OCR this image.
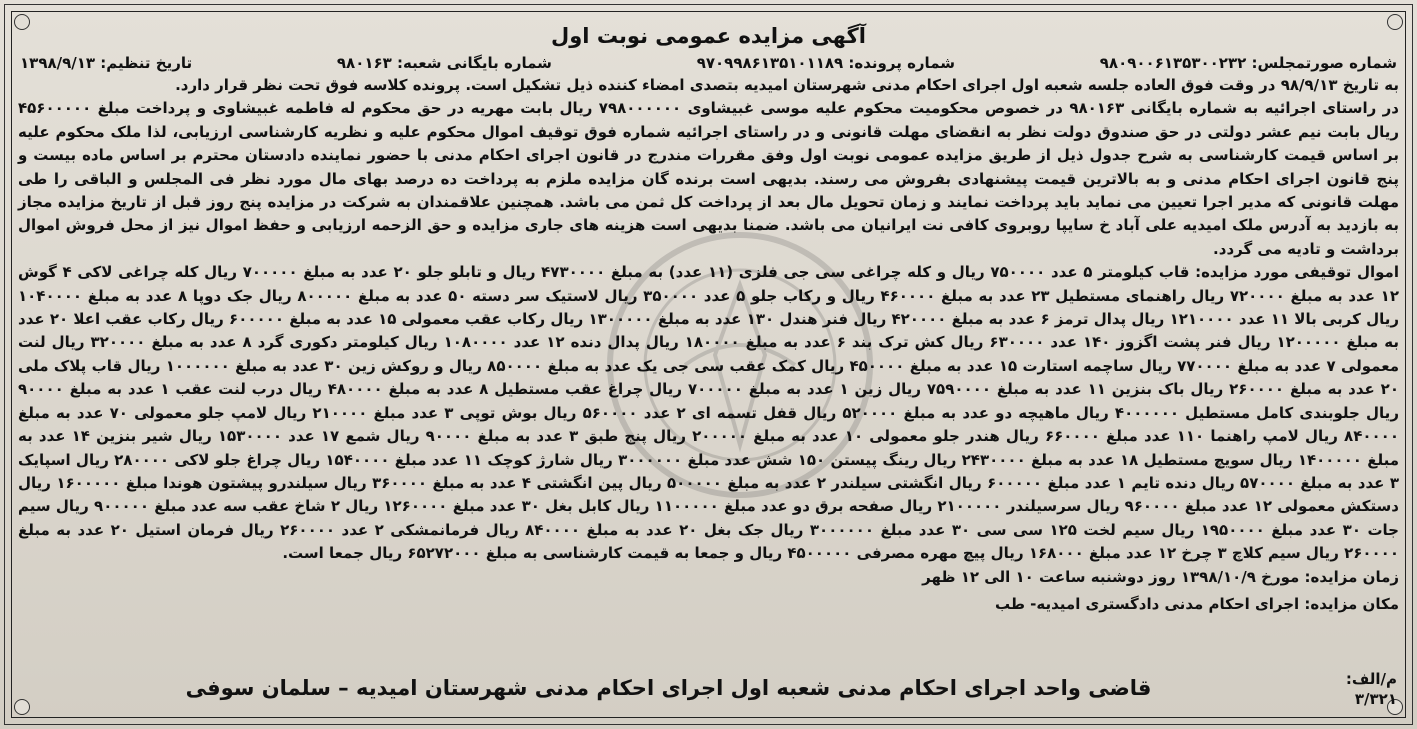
آگهی مزایده عمومی نوبت اول
شماره صورتمجلس: ۹۸۰۹۰۰۶۱۳۵۳۰۰۲۳۲
شماره پرونده: ۹۷۰۹۹۸۶۱۳۵۱۰۱۱۸۹
شماره بایگانی شعبه: ۹۸۰۱۶۳
تاریخ تنظیم: ۱۳۹۸/۹/۱۳

به تاریخ ۹۸/۹/۱۳ در وقت فوق العاده جلسه شعبه اول اجرای احکام مدنی شهرستان امیدیه بتصدی امضاء کننده ذیل تشکیل است. پرونده کلاسه فوق تحت نظر قرار دارد.

در راستای اجرائیه به شماره بایگانی ۹۸۰۱۶۳ در خصوص محکومیت محکوم علیه موسی غبیشاوی ۷۹۸۰۰۰۰۰۰ ریال بابت مهریه در حق محکوم له فاطمه غبیشاوی و پرداخت مبلغ ۴۵۶۰۰۰۰۰ ریال بابت نیم عشر دولتی در حق صندوق دولت نظر به انقضای مهلت قانونی و در راستای اجرائیه شماره فوق توقیف اموال محکوم علیه و نظریه کارشناسی ارزیابی، لذا ملک محکوم علیه بر اساس قیمت کارشناسی به شرح جدول ذیل از طریق مزایده عمومی نوبت اول وفق مقررات مندرج در قانون اجرای احکام مدنی با حضور نماینده دادستان محترم بر اساس ماده بیست و پنج قانون اجرای احکام مدنی و به بالاترین قیمت پیشنهادی بفروش می رسند. بدیهی است برنده گان مزایده ملزم به پرداخت ده درصد بهای مال مورد نظر فی المجلس و الباقی را طی مهلت قانونی که مدیر اجرا تعیین می نماید باید پرداخت نمایند و زمان تحویل مال بعد از پرداخت کل ثمن می باشد. همچنین علاقمندان به شرکت در مزایده پنج روز قبل از تاریخ مزایده مجاز به بازدید به آدرس ملک امیدیه علی آباد خ سایپا روبروی کافی نت ایرانیان می باشد. ضمنا بدیهی است هزینه های جاری مزایده و حق الزحمه ارزیابی و حفظ اموال نیز از محل فروش اموال برداشت و تادیه می گردد.

اموال توقیفی مورد مزایده: قاب کیلومتر ۵ عدد ۷۵۰۰۰۰ ریال و کله چراغی سی جی فلزی (۱۱ عدد) به مبلغ ۴۷۳۰۰۰۰ ریال و تابلو جلو ۲۰ عدد به مبلغ ۷۰۰۰۰۰ ریال کله چراغی لاکی ۴ گوش ۱۲ عدد به مبلغ ۷۲۰۰۰۰ ریال راهنمای مستطیل ۲۳ عدد به مبلغ ۴۶۰۰۰۰ ریال و رکاب جلو ۵ عدد ۳۵۰۰۰۰ ریال لاستیک سر دسته ۵۰ عدد به مبلغ ۸۰۰۰۰۰ ریال جک دوپا ۸ عدد به مبلغ ۱۰۴۰۰۰۰ ریال کربی بالا ۱۱ عدد ۱۲۱۰۰۰۰ ریال پدال ترمز ۶ عدد به مبلغ ۴۲۰۰۰۰ ریال فنر هندل ۱۳۰ عدد به مبلغ ۱۳۰۰۰۰۰ ریال رکاب عقب معمولی ۱۵ عدد به مبلغ ۶۰۰۰۰۰ ریال رکاب عقب اعلا ۲۰ عدد به مبلغ ۱۲۰۰۰۰۰ ریال فنر پشت اگزوز ۱۴۰ عدد ۶۳۰۰۰۰ ریال کش ترک بند ۶ عدد به مبلغ ۱۸۰۰۰۰ ریال پدال دنده ۱۲ عدد ۱۰۸۰۰۰۰ ریال کیلومتر دکوری گرد ۸ عدد به مبلغ ۳۲۰۰۰۰ ریال لنت معمولی ۷ عدد به مبلغ ۷۷۰۰۰۰ ریال ساچمه استارت ۱۵ عدد به مبلغ ۴۵۰۰۰۰ ریال کمک عقب سی جی یک عدد به مبلغ ۸۵۰۰۰۰ ریال و روکش زین ۳۰ عدد به مبلغ ۱۰۰۰۰۰۰ ریال قاب پلاک ملی ۲۰ عدد به مبلغ ۲۶۰۰۰۰ ریال باک بنزین ۱۱ عدد به مبلغ ۷۵۹۰۰۰۰ ریال زین ۱ عدد به مبلغ ۷۰۰۰۰۰ ریال چراغ عقب مستطیل ۸ عدد به مبلغ ۴۸۰۰۰۰ ریال درب لنت عقب ۱ عدد به مبلغ ۹۰۰۰۰ ریال جلوبندی کامل مستطیل ۴۰۰۰۰۰۰ ریال ماهیچه دو عدد به مبلغ ۵۲۰۰۰۰ ریال قفل تسمه ای ۲ عدد ۵۶۰۰۰۰ ریال بوش توپی ۳ عدد مبلغ ۲۱۰۰۰۰ ریال لامپ جلو معمولی ۷۰ عدد به مبلغ ۸۴۰۰۰۰ ریال لامپ راهنما ۱۱۰ عدد مبلغ ۶۶۰۰۰۰ ریال هندر جلو معمولی ۱۰ عدد به مبلغ ۲۰۰۰۰۰ ریال پنج طبق ۳ عدد به مبلغ ۹۰۰۰۰ ریال شمع ۱۷ عدد ۱۵۳۰۰۰۰ ریال شیر بنزین ۱۴ عدد به مبلغ ۱۴۰۰۰۰۰ ریال سویچ مستطیل ۱۸ عدد به مبلغ ۲۴۳۰۰۰۰ ریال رینگ پیستن ۱۵۰ شش عدد مبلغ ۳۰۰۰۰۰۰ ریال شارژ کوچک ۱۱ عدد مبلغ ۱۵۴۰۰۰۰ ریال چراغ جلو لاکی ۲۸۰۰۰۰ ریال اسپایک ۳ عدد به مبلغ ۵۷۰۰۰۰ ریال دنده تایم ۱ عدد مبلغ ۶۰۰۰۰۰ ریال انگشتی سیلندر ۲ عدد به مبلغ ۵۰۰۰۰۰ ریال پین انگشتی ۴ عدد به مبلغ ۳۶۰۰۰۰ ریال سیلندرو پیشتون هوندا مبلغ ۱۶۰۰۰۰۰ ریال دستکش معمولی ۱۲ عدد مبلغ ۹۶۰۰۰۰ ریال سرسیلندر ۲۱۰۰۰۰۰ ریال صفحه برق دو عدد مبلغ ۱۱۰۰۰۰۰ ریال کابل بغل ۳۰ عدد مبلغ ۱۲۶۰۰۰۰ ریال ۲ شاخ عقب سه عدد مبلغ ۹۰۰۰۰۰ ریال سیم جات ۳۰ عدد مبلغ ۱۹۵۰۰۰۰ ریال سیم لخت ۱۲۵ سی سی ۳۰ عدد مبلغ ۳۰۰۰۰۰۰ ریال جک بغل ۲۰ عدد به مبلغ ۸۴۰۰۰۰ ریال فرمانمشکی ۲ عدد ۲۶۰۰۰۰ ریال فرمان استیل ۲۰ عدد به مبلغ ۲۶۰۰۰۰ ریال سیم کلاچ ۳ چرخ ۱۲ عدد مبلغ ۱۶۸۰۰۰ ریال پیچ مهره مصرفی ۴۵۰۰۰۰۰ ریال و جمعا به قیمت کارشناسی به مبلغ ۶۵۲۷۲۰۰۰ ریال جمعا است.

زمان مزایده: مورخ ۱۳۹۸/۱۰/۹ روز دوشنبه ساعت ۱۰ الی ۱۲ ظهر

مکان مزایده: اجرای احکام مدنی دادگستری امیدیه- طب

م/الف: ۳/۳۲۱
قاضی واحد اجرای احکام مدنی شعبه اول اجرای احکام مدنی شهرستان امیدیه – سلمان سوفی
